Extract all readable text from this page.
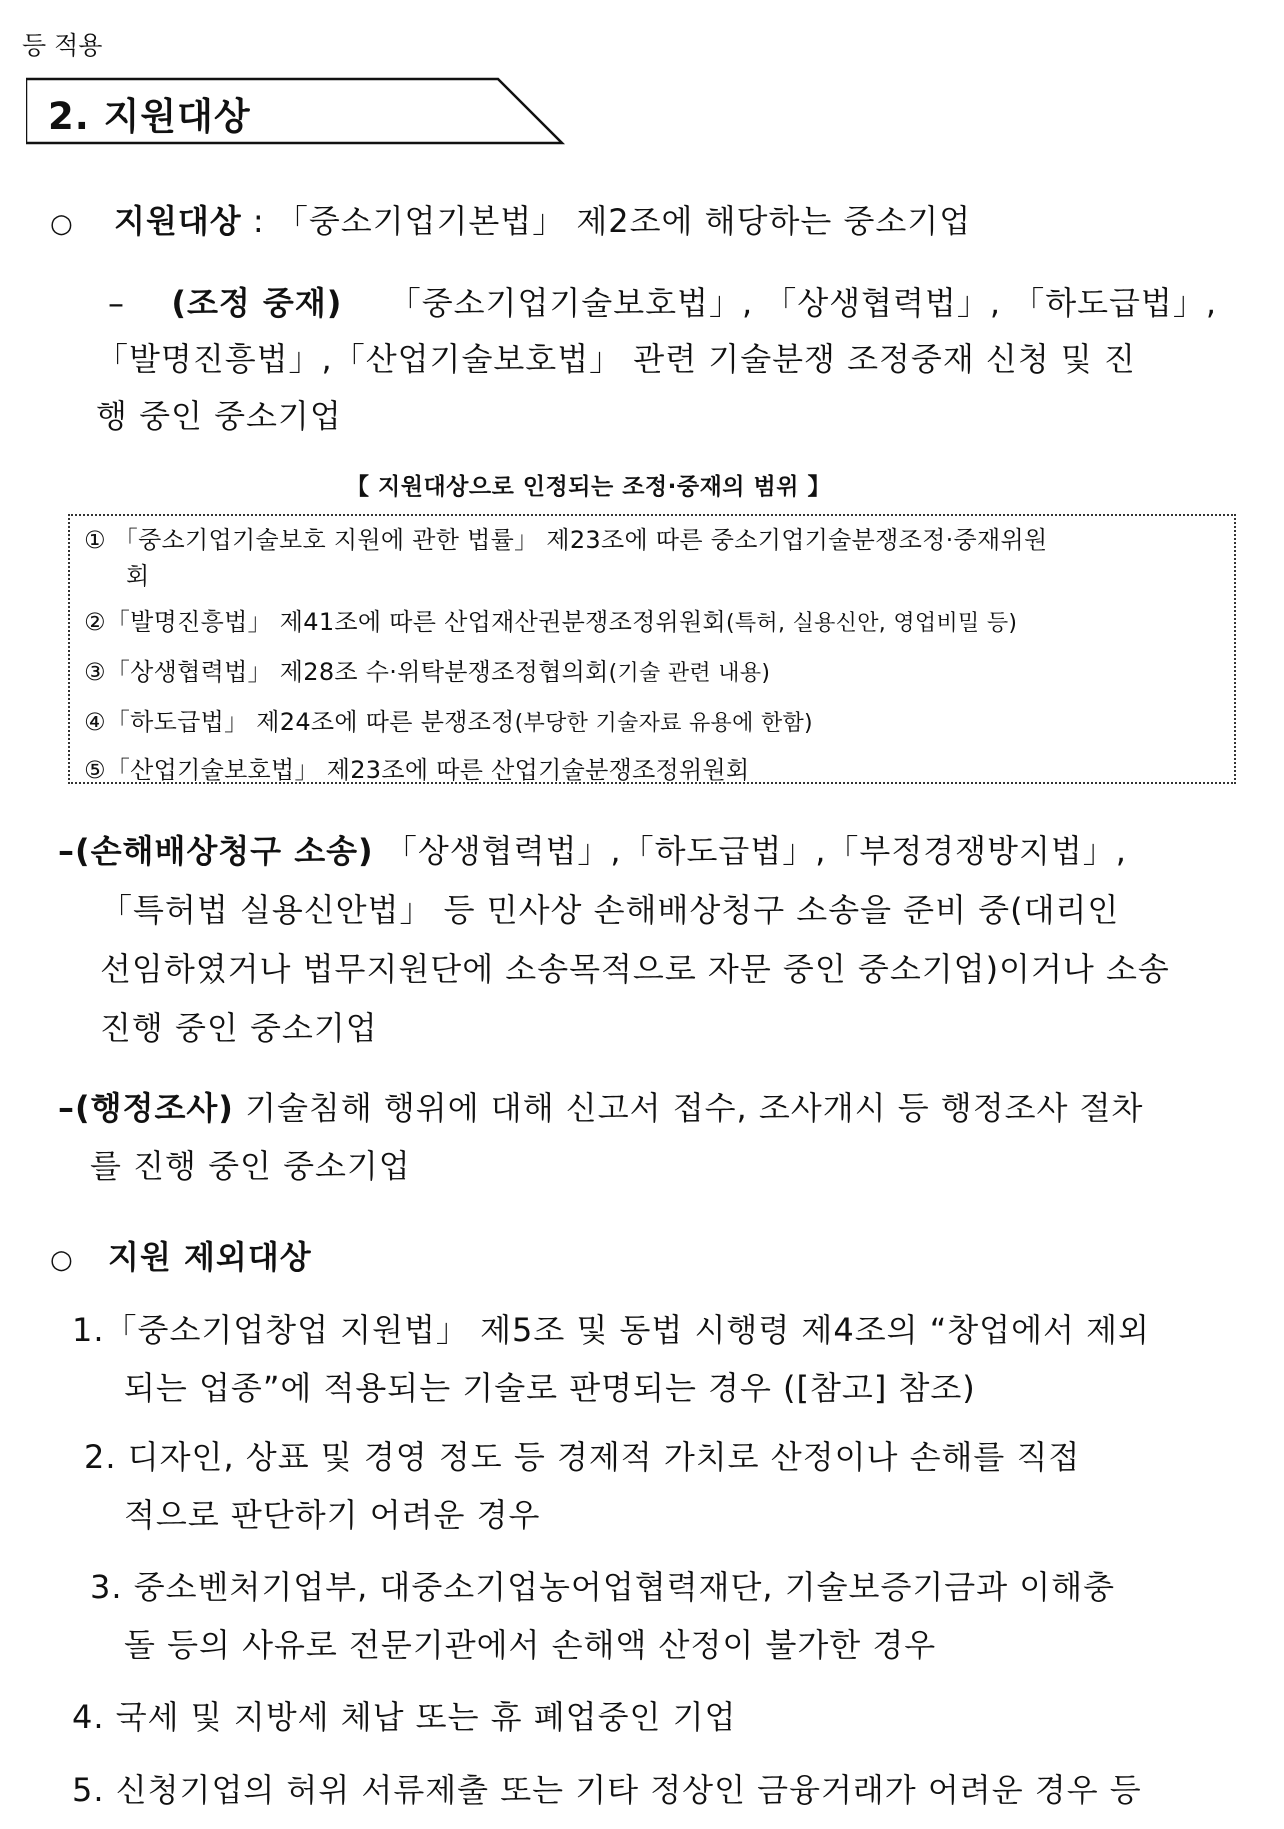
등 적용
2. 지원대상
○ 지원대상 : 「중소기업기본법」 제2조에 해당하는 중소기업
– (조정 중재) 「중소기업기술보호법」, 「상생협력법」, 「하도급법」,
「발명진흥법」,「산업기술보호법」 관련 기술분쟁 조정중재 신청 및 진
행 중인 중소기업
【 지원대상으로 인정되는 조정·중재의 범위 】
① 「중소기업기술보호 지원에 관한 법률」 제23조에 따른 중소기업기술분쟁조정·중재위원
회
②「발명진흥법」 제41조에 따른 산업재산권분쟁조정위원회(특허, 실용신안, 영업비밀 등)
③「상생협력법」 제28조 수·위탁분쟁조정협의회(기술 관련 내용)
④「하도급법」 제24조에 따른 분쟁조정(부당한 기술자료 유용에 한함)
⑤「산업기술보호법」 제23조에 따른 산업기술분쟁조정위원회
–(손해배상청구 소송) 「상생협력법」,「하도급법」,「부정경쟁방지법」,
「특허법 실용신안법」 등 민사상 손해배상청구 소송을 준비 중(대리인
선임하였거나 법무지원단에 소송목적으로 자문 중인 중소기업)이거나 소송
진행 중인 중소기업
–(행정조사) 기술침해 행위에 대해 신고서 접수, 조사개시 등 행정조사 절차
를 진행 중인 중소기업
○ 지원 제외대상
1.「중소기업창업 지원법」 제5조 및 동법 시행령 제4조의 “창업에서 제외
되는 업종”에 적용되는 기술로 판명되는 경우 ([참고] 참조)
2. 디자인, 상표 및 경영 정도 등 경제적 가치로 산정이나 손해를 직접
적으로 판단하기 어려운 경우
3. 중소벤처기업부, 대중소기업농어업협력재단, 기술보증기금과 이해충
돌 등의 사유로 전문기관에서 손해액 산정이 불가한 경우
4. 국세 및 지방세 체납 또는 휴 폐업중인 기업
5. 신청기업의 허위 서류제출 또는 기타 정상인 금융거래가 어려운 경우 등
